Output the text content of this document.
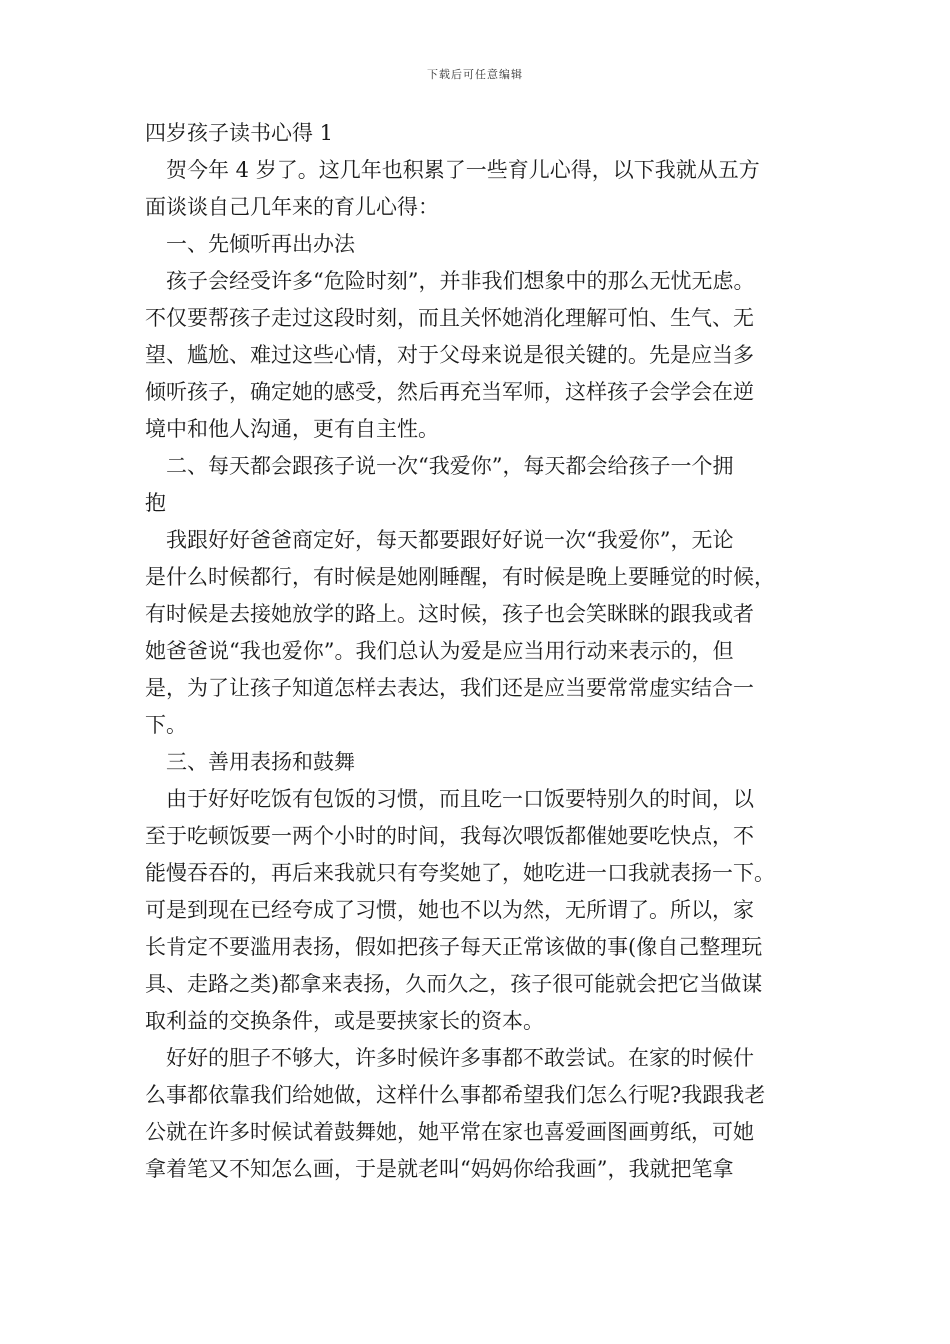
下载后可任意编辑

四岁孩子读书心得 1

　贺今年 4 岁了。这几年也积累了一些育儿心得，以下我就从五方

面谈谈自己几年来的育儿心得：

　一、先倾听再出办法

　孩子会经受许多“危险时刻”，并非我们想象中的那么无忧无虑。

不仅要帮孩子走过这段时刻，而且关怀她消化理解可怕、生气、无

望、尴尬、难过这些心情，对于父母来说是很关键的。先是应当多

倾听孩子，确定她的感受，然后再充当军师，这样孩子会学会在逆

境中和他人沟通，更有自主性。

　二、每天都会跟孩子说一次“我爱你”，每天都会给孩子一个拥

抱

　我跟好好爸爸商定好，每天都要跟好好说一次“我爱你”，无论

是什么时候都行，有时候是她刚睡醒，有时候是晚上要睡觉的时候，

有时候是去接她放学的路上。这时候，孩子也会笑眯眯的跟我或者

她爸爸说“我也爱你”。我们总认为爱是应当用行动来表示的，但

是，为了让孩子知道怎样去表达，我们还是应当要常常虚实结合一

下。

　三、善用表扬和鼓舞

　由于好好吃饭有包饭的习惯，而且吃一口饭要特别久的时间，以

至于吃顿饭要一两个小时的时间，我每次喂饭都催她要吃快点，不

能慢吞吞的，再后来我就只有夸奖她了，她吃进一口我就表扬一下。

可是到现在已经夸成了习惯，她也不以为然，无所谓了。所以，家

长肯定不要滥用表扬，假如把孩子每天正常该做的事(像自己整理玩

具、走路之类)都拿来表扬，久而久之，孩子很可能就会把它当做谋

取利益的交换条件，或是要挟家长的资本。

　好好的胆子不够大，许多时候许多事都不敢尝试。在家的时候什

么事都依靠我们给她做，这样什么事都希望我们怎么行呢?我跟我老

公就在许多时候试着鼓舞她，她平常在家也喜爱画图画剪纸，可她

拿着笔又不知怎么画，于是就老叫“妈妈你给我画”，我就把笔拿
